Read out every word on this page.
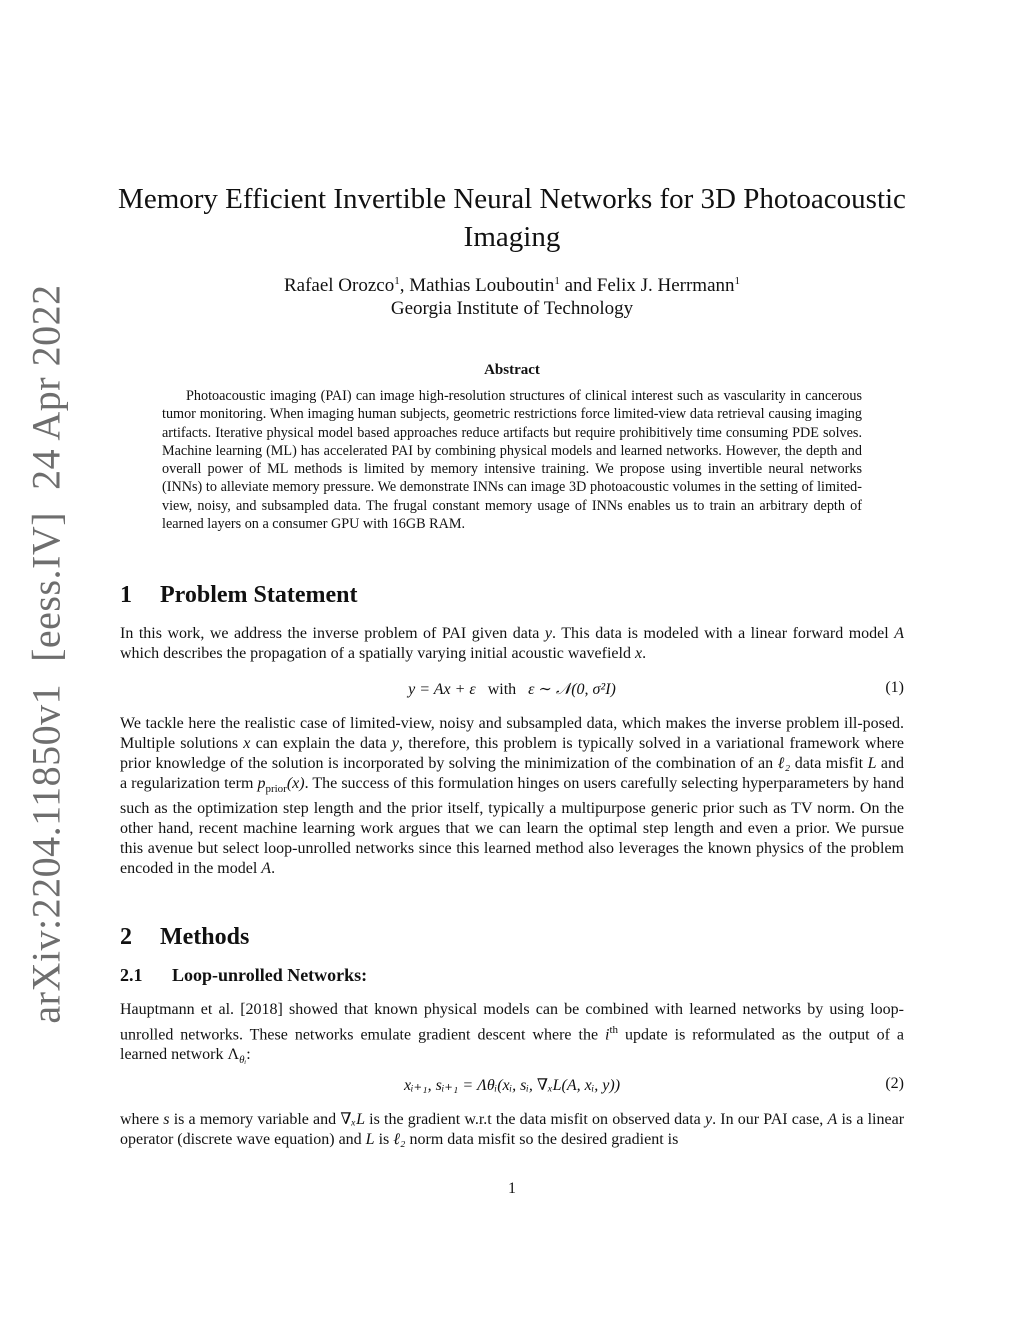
arXiv:2204.11850v1[eess.IV]24 Apr 2022
Memory Efficient Invertible Neural Networks for 3D Photoacoustic Imaging
Rafael Orozco$^1$, Mathias Louboutin$^1$ and Felix J. Herrmann$^1$
Georgia Institute of Technology
Abstract
Photoacoustic imaging (PAI) can image high-resolution structures of clinical interest such as vascularity in cancerous tumor monitoring. When imaging human subjects, geometric restrictions force limited-view data retrieval causing imaging artifacts. Iterative physical model based approaches reduce artifacts but require prohibitively time consuming PDE solves. Machine learning (ML) has accelerated PAI by combining physical models and learned networks. However, the depth and overall power of ML methods is limited by memory intensive training. We propose using invertible neural networks (INNs) to alleviate memory pressure. We demonstrate INNs can image 3D photoacoustic volumes in the setting of limited-view, noisy, and subsampled data. The frugal constant memory usage of INNs enables us to train an arbitrary depth of learned layers on a consumer GPU with 16GB RAM.
1 Problem Statement
In this work, we address the inverse problem of PAI given data y. This data is modeled with a linear forward model A which describes the propagation of a spatially varying initial acoustic wavefield x.
y = Ax + ε with ε ∼ 𝒩(0, σ²I)	(1)
We tackle here the realistic case of limited-view, noisy and subsampled data, which makes the inverse problem ill-posed. Multiple solutions x can explain the data y, therefore, this problem is typically solved in a variational framework where prior knowledge of the solution is incorporated by solving the minimization of the combination of an ℓ₂ data misfit L and a regularization term $p_{prior}(x)$. The success of this formulation hinges on users carefully selecting hyperparameters by hand such as the optimization step length and the prior itself, typically a multipurpose generic prior such as TV norm. On the other hand, recent machine learning work argues that we can learn the optimal step length and even a prior. We pursue this avenue but select loop-unrolled networks since this learned method also leverages the known physics of the problem encoded in the model A.
2 Methods
2.1 Loop-unrolled Networks:
Hauptmann et al. [2018] showed that known physical models can be combined with learned networks by using loop-unrolled networks. These networks emulate gradient descent where the $i^{th}$ update is reformulated as the output of a learned network $\Lambda_{\theta ᵢ}$:
xᵢ₊₁, sᵢ₊₁ = Λθᵢ(xᵢ, sᵢ, ∇ₓL(A, xᵢ, y))	(2)
where s is a memory variable and ∇ₓL is the gradient w.r.t the data misfit on observed data y. In our PAI case, A is a linear operator (discrete wave equation) and L is ℓ₂ norm data misfit so the desired gradient is
1
